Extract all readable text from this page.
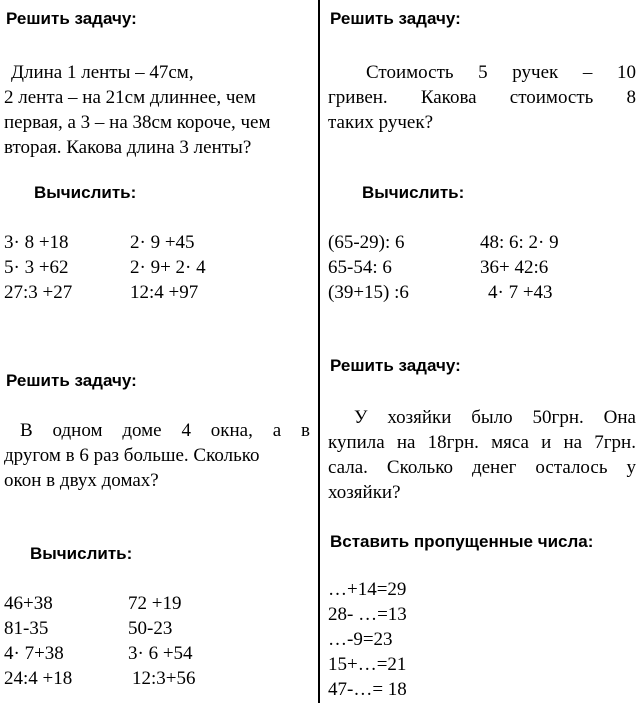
Решить задачу:
Длина 1 ленты – 47см,
2 лента – на 21см длиннее, чем
первая, а 3 – на 38см короче, чем
вторая. Какова длина 3 ленты?
Вычислить:
3· 8 +18
5· 3 +62
27:3 +27
2· 9 +45
2· 9+ 2· 4
12:4 +97
Решить задачу:
В одном доме 4 окна, а в
другом в 6 раз больше. Сколько
окон в двух домах?
Вычислить:
46+38
81-35
4· 7+38
24:4 +18
72 +19
50-23
3· 6 +54
12:3+56
Решить задачу:
Стоимость 5 ручек – 10
гривен. Какова стоимость 8
таких ручек?
Вычислить:
(65-29): 6
65-54: 6
(39+15) :6
48: 6: 2· 9
36+ 42:6
4· 7 +43
Решить задачу:
У хозяйки было 50грн. Она
купила на 18грн. мяса и на 7грн.
сала. Сколько денег осталось у
хозяйки?
Вставить пропущенные числа:
…+14=29
28- …=13
…-9=23
15+…=21
47-…= 18
